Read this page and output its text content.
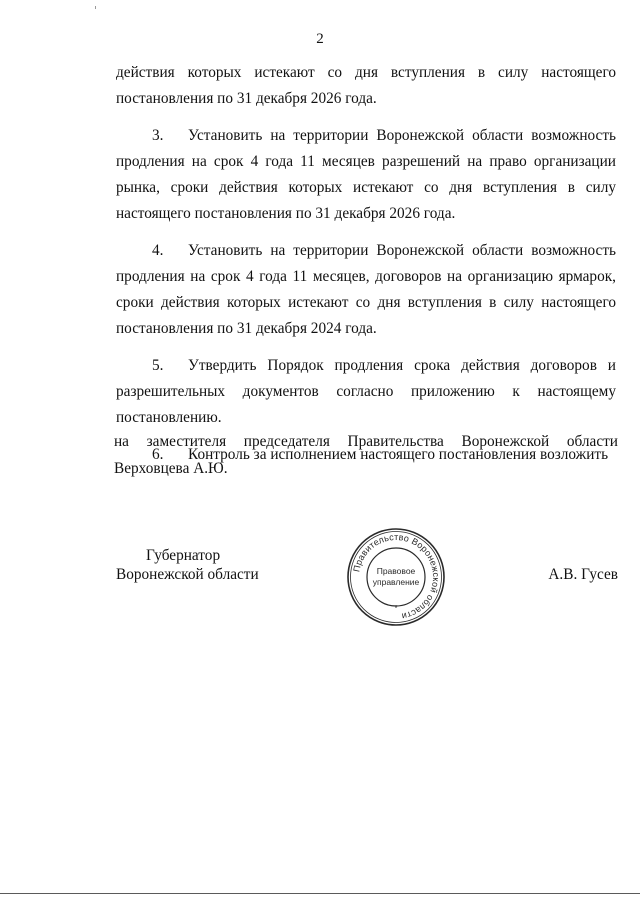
2

действия которых истекают со дня вступления в силу настоящего постановления по 31 декабря 2026 года.

3. Установить на территории Воронежской области возможность продления на срок 4 года 11 месяцев разрешений на право организации рынка, сроки действия которых истекают со дня вступления в силу настоящего постановления по 31 декабря 2026 года.

4. Установить на территории Воронежской области возможность продления на срок 4 года 11 месяцев, договоров на организацию ярмарок, сроки действия которых истекают со дня вступления в силу настоящего постановления по 31 декабря 2024 года.

5. Утвердить Порядок продления срока действия договоров и разрешительных документов согласно приложению к настоящему постановлению.

6. Контроль за исполнением настоящего постановления возложить

на заместителя председателя Правительства Воронежской области

Верховцева А.Ю.

Губернатор
Воронежской области	А.В. Гусев
Правительство Воронежской области
Правовое
управление
*
